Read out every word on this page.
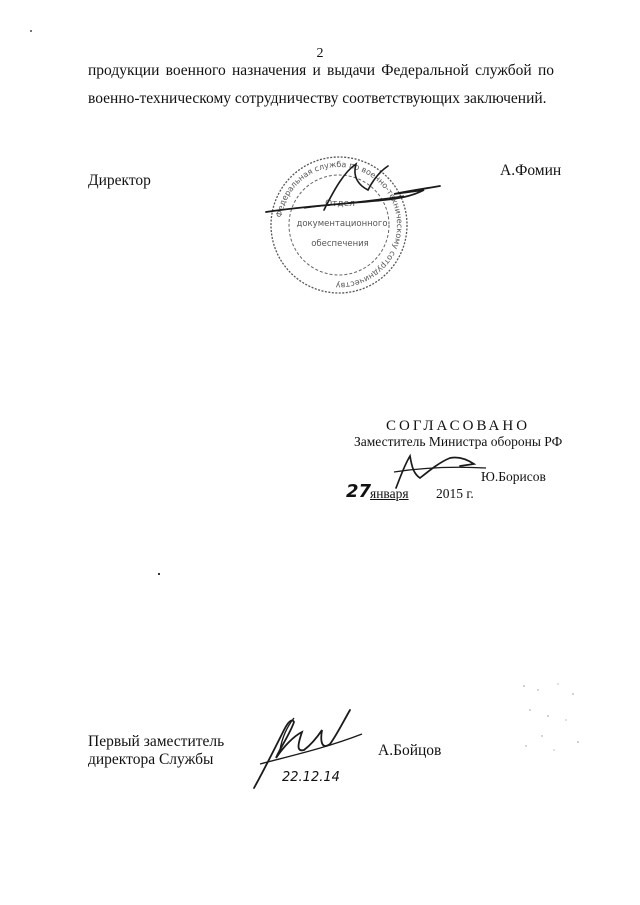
2
продукции военного назначения и выдачи Федеральной службой по
военно-техническому сотрудничеству соответствующих заключений.
Директор
А.Фомин
Федеральная служба по военно-техническому сотрудничеству
Отдел
документационного
обеспечения
СОГЛАСОВАНО
Заместитель Министра обороны РФ
Ю.Борисов
27
января 2015 г.
Первый заместитель
директора Службы
А.Бойцов
22.12.14
